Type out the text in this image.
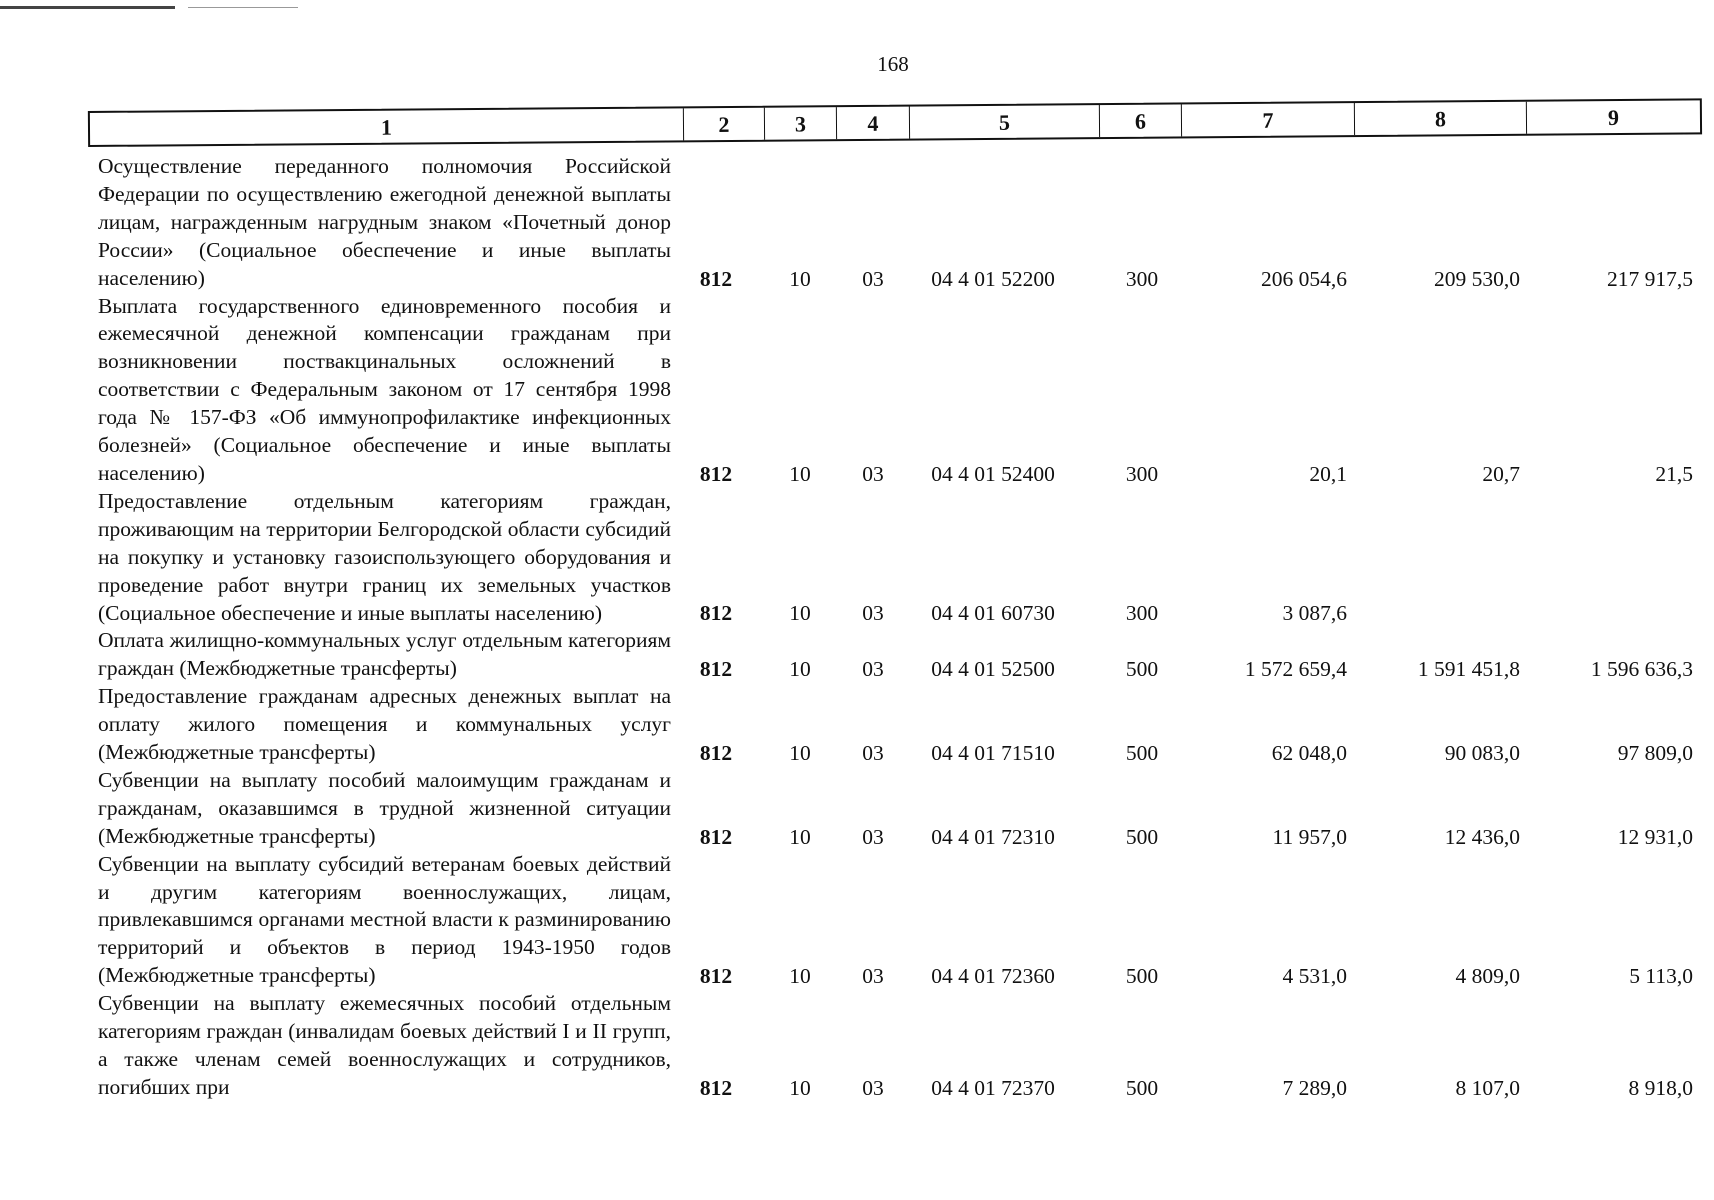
168
1	2	3	4	5	6	7	8	9
Осуществление переданного полномочия Российской Федерации по осуществлению ежегодной денежной выплаты лицам, награжденным нагрудным знаком «Почетный донор России» (Социальное обеспечение и иные выплаты населению)	812	10	03	04 4 01 52200	300	206 054,6	209 530,0	217 917,5
Выплата государственного единовременного пособия и ежемесячной денежной компенсации гражданам при возникновении поствакцинальных осложнений в соответствии с Федеральным законом от 17 сентября 1998 года № 157-ФЗ «Об иммунопрофилактике инфекционных болезней» (Социальное обеспечение и иные выплаты населению)	812	10	03	04 4 01 52400	300	20,1	20,7	21,5
Предоставление отдельным категориям граждан, проживающим на территории Белгородской области субсидий на покупку и установку газоиспользующего оборудования и проведение работ внутри границ их земельных участков (Социальное обеспечение и иные выплаты населению)	812	10	03	04 4 01 60730	300	3 087,6
Оплата жилищно-коммунальных услуг отдельным категориям граждан (Межбюджетные трансферты)	812	10	03	04 4 01 52500	500	1 572 659,4	1 591 451,8	1 596 636,3
Предоставление гражданам адресных денежных выплат на оплату жилого помещения и коммунальных услуг (Межбюджетные трансферты)	812	10	03	04 4 01 71510	500	62 048,0	90 083,0	97 809,0
Субвенции на выплату пособий малоимущим гражданам и гражданам, оказавшимся в трудной жизненной ситуации (Межбюджетные трансферты)	812	10	03	04 4 01 72310	500	11 957,0	12 436,0	12 931,0
Субвенции на выплату субсидий ветеранам боевых действий и другим категориям военнослужащих, лицам, привлекавшимся органами местной власти к разминированию территорий и объектов в период 1943-1950 годов (Межбюджетные трансферты)	812	10	03	04 4 01 72360	500	4 531,0	4 809,0	5 113,0
Субвенции на выплату ежемесячных пособий отдельным категориям граждан (инвалидам боевых действий I и II групп, а также членам семей военнослужащих и сотрудников, погибших при	812	10	03	04 4 01 72370	500	7 289,0	8 107,0	8 918,0
